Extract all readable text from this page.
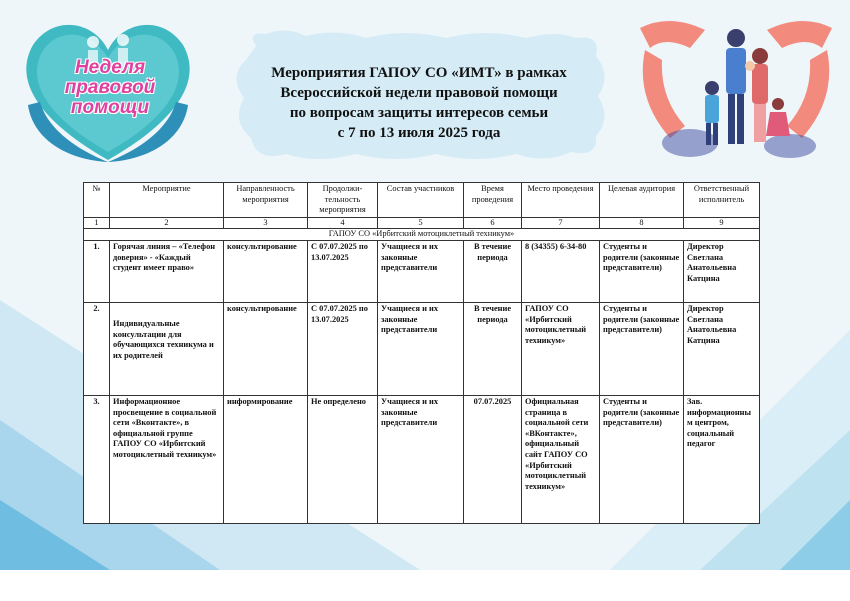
Неделя
правовой
помощи
Мероприятия ГАПОУ СО «ИМТ» в рамках
Всероссийской недели правовой помощи
по вопросам защиты интересов семьи
с 7 по 13 июля 2025 года
№	Мероприятие	Направленность мероприятия	Продолжи-тельность мероприятия	Состав участников	Время проведения	Место проведения	Целевая аудитория	Ответственный исполнитель
1	2	3	4	5	6	7	8	9
ГАПОУ СО «Ирбитский мотоциклетный техникум»								
1.	Горячая линия – «Телефон доверия» - «Каждый студент имеет право»	консультирование	С 07.07.2025 по 13.07.2025	Учащиеся и их законные представители	В течение периода	8 (34355) 6-34-80	Студенты и родители (законные представители)	Директор Светлана Анатольевна Катцина
2.	Индивидуальные консультации для обучающихся техникума и их родителей	консультирование	С 07.07.2025 по 13.07.2025	Учащиеся и их законные представители	В течение периода	ГАПОУ СО «Ирбитский мотоциклетный техникум»	Студенты и родители (законные представители)	Директор Светлана Анатольевна Катцина
3.	Информационное просвещение в социальной сети «Вконтакте», в официальной группе ГАПОУ СО «Ирбитский мотоциклетный техникум»	информирование	Не определено	Учащиеся и их законные представители	07.07.2025	Официальная страница в социальной сети «ВКонтакте», официальный сайт ГАПОУ СО «Ирбитский мотоциклетный техникум»	Студенты и родители (законные представители)	Зав. информационным центром, социальный педагог
